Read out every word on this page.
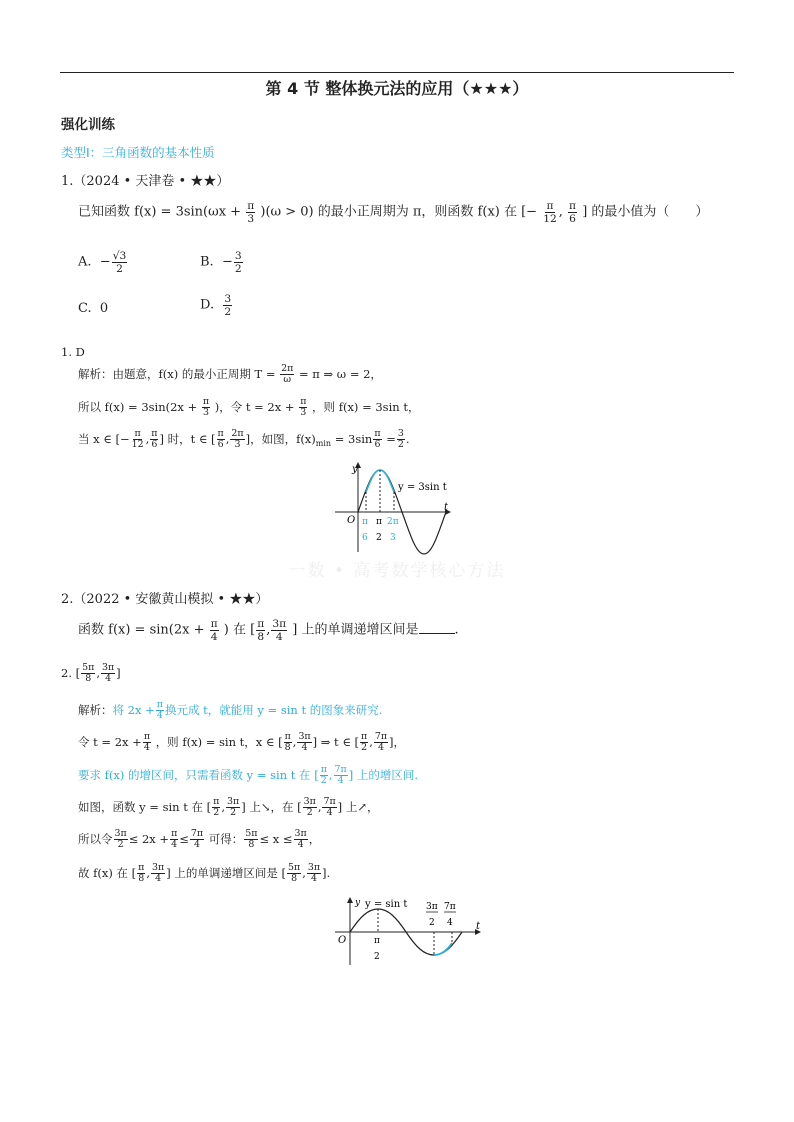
第 4 节 整体换元法的应用（★★★）
强化训练
类型Ⅰ：三角函数的基本性质
1.（2024 • 天津卷 • ★★）
已知函数 $f(x) = 3\sin(\omega x + \frac{\pi}{3} )(\omega > 0)$ 的最小正周期为 π，则函数 f(x) 在 [− $\frac{\pi}{12}$ , $\frac{\pi}{6}$ ] 的最小值为（　　）
A. − $\frac{√3}{2}$	B. − $\frac{3}{2}$
C. 0	D. $\frac{3}{2}$
1. D
解析：由题意，f(x) 的最小正周期 $T = \frac{2\pi}{\omega} = \pi$ ⇒ ω = 2，
所以 $f(x) = 3\sin(2x + \frac{\pi}{3}$ )，令 $t = 2x + \frac{\pi}{3}$ ，则 f(x) = 3sin t，
当 x ∈ [− $\frac{\pi}{12}$ , $\frac{\pi}{6}$ ] 时，t ∈ [ $\frac{\pi}{6}$ , $\frac{2\pi}{3}$ ]，如图，$f(x)_{min} = 3\sin \frac{\pi}{6} = \frac{3}{2}$ .
y
t
O
y = 3sin t
π
6
π
2
2π
3
一数 • 高考数学核心方法
2.（2022 • 安徽黄山模拟 • ★★）
函数 $f(x) = \sin(2x + \frac{\pi}{4}$ ) 在 [ $\frac{\pi}{8}$ , $\frac{3\pi}{4}$ ] 上的单调递增区间是	.
2. [ $\frac{5\pi}{8}$ , $\frac{3\pi}{4}$ ]
解析：将 $2x + \frac{\pi}{4}$ 换元成 t，就能用 y = sin t 的图象来研究.
令 $t = 2x + \frac{\pi}{4}$ ，则 f(x) = sin t，x ∈ [ $\frac{\pi}{8}$ , $\frac{3\pi}{4}$ ] ⇒ t ∈ [ $\frac{\pi}{2}$ , $\frac{7\pi}{4}$ ]，
要求 f(x) 的增区间，只需看函数 y = sin t 在 [ $\frac{\pi}{2}$ , $\frac{7\pi}{4}$ ] 上的增区间.
如图，函数 y = sin t 在 [ $\frac{\pi}{2}$ , $\frac{3\pi}{2}$ ] 上↘，在 [ $\frac{3\pi}{2}$ , $\frac{7\pi}{4}$ ] 上↗，
所以令 $\frac{3\pi}{2} \le 2x + \frac{\pi}{4} \le \frac{7\pi}{4}$ 可得： $\frac{5\pi}{8} \le x \le \frac{3\pi}{4}$ ，
故 f(x) 在 [ $\frac{\pi}{8}$ , $\frac{3\pi}{4}$ ] 上的单调递增区间是 [ $\frac{5\pi}{8}$ , $\frac{3\pi}{4}$ ].
y
t
O
y = sin t
π
2
3π
2
7π
4
